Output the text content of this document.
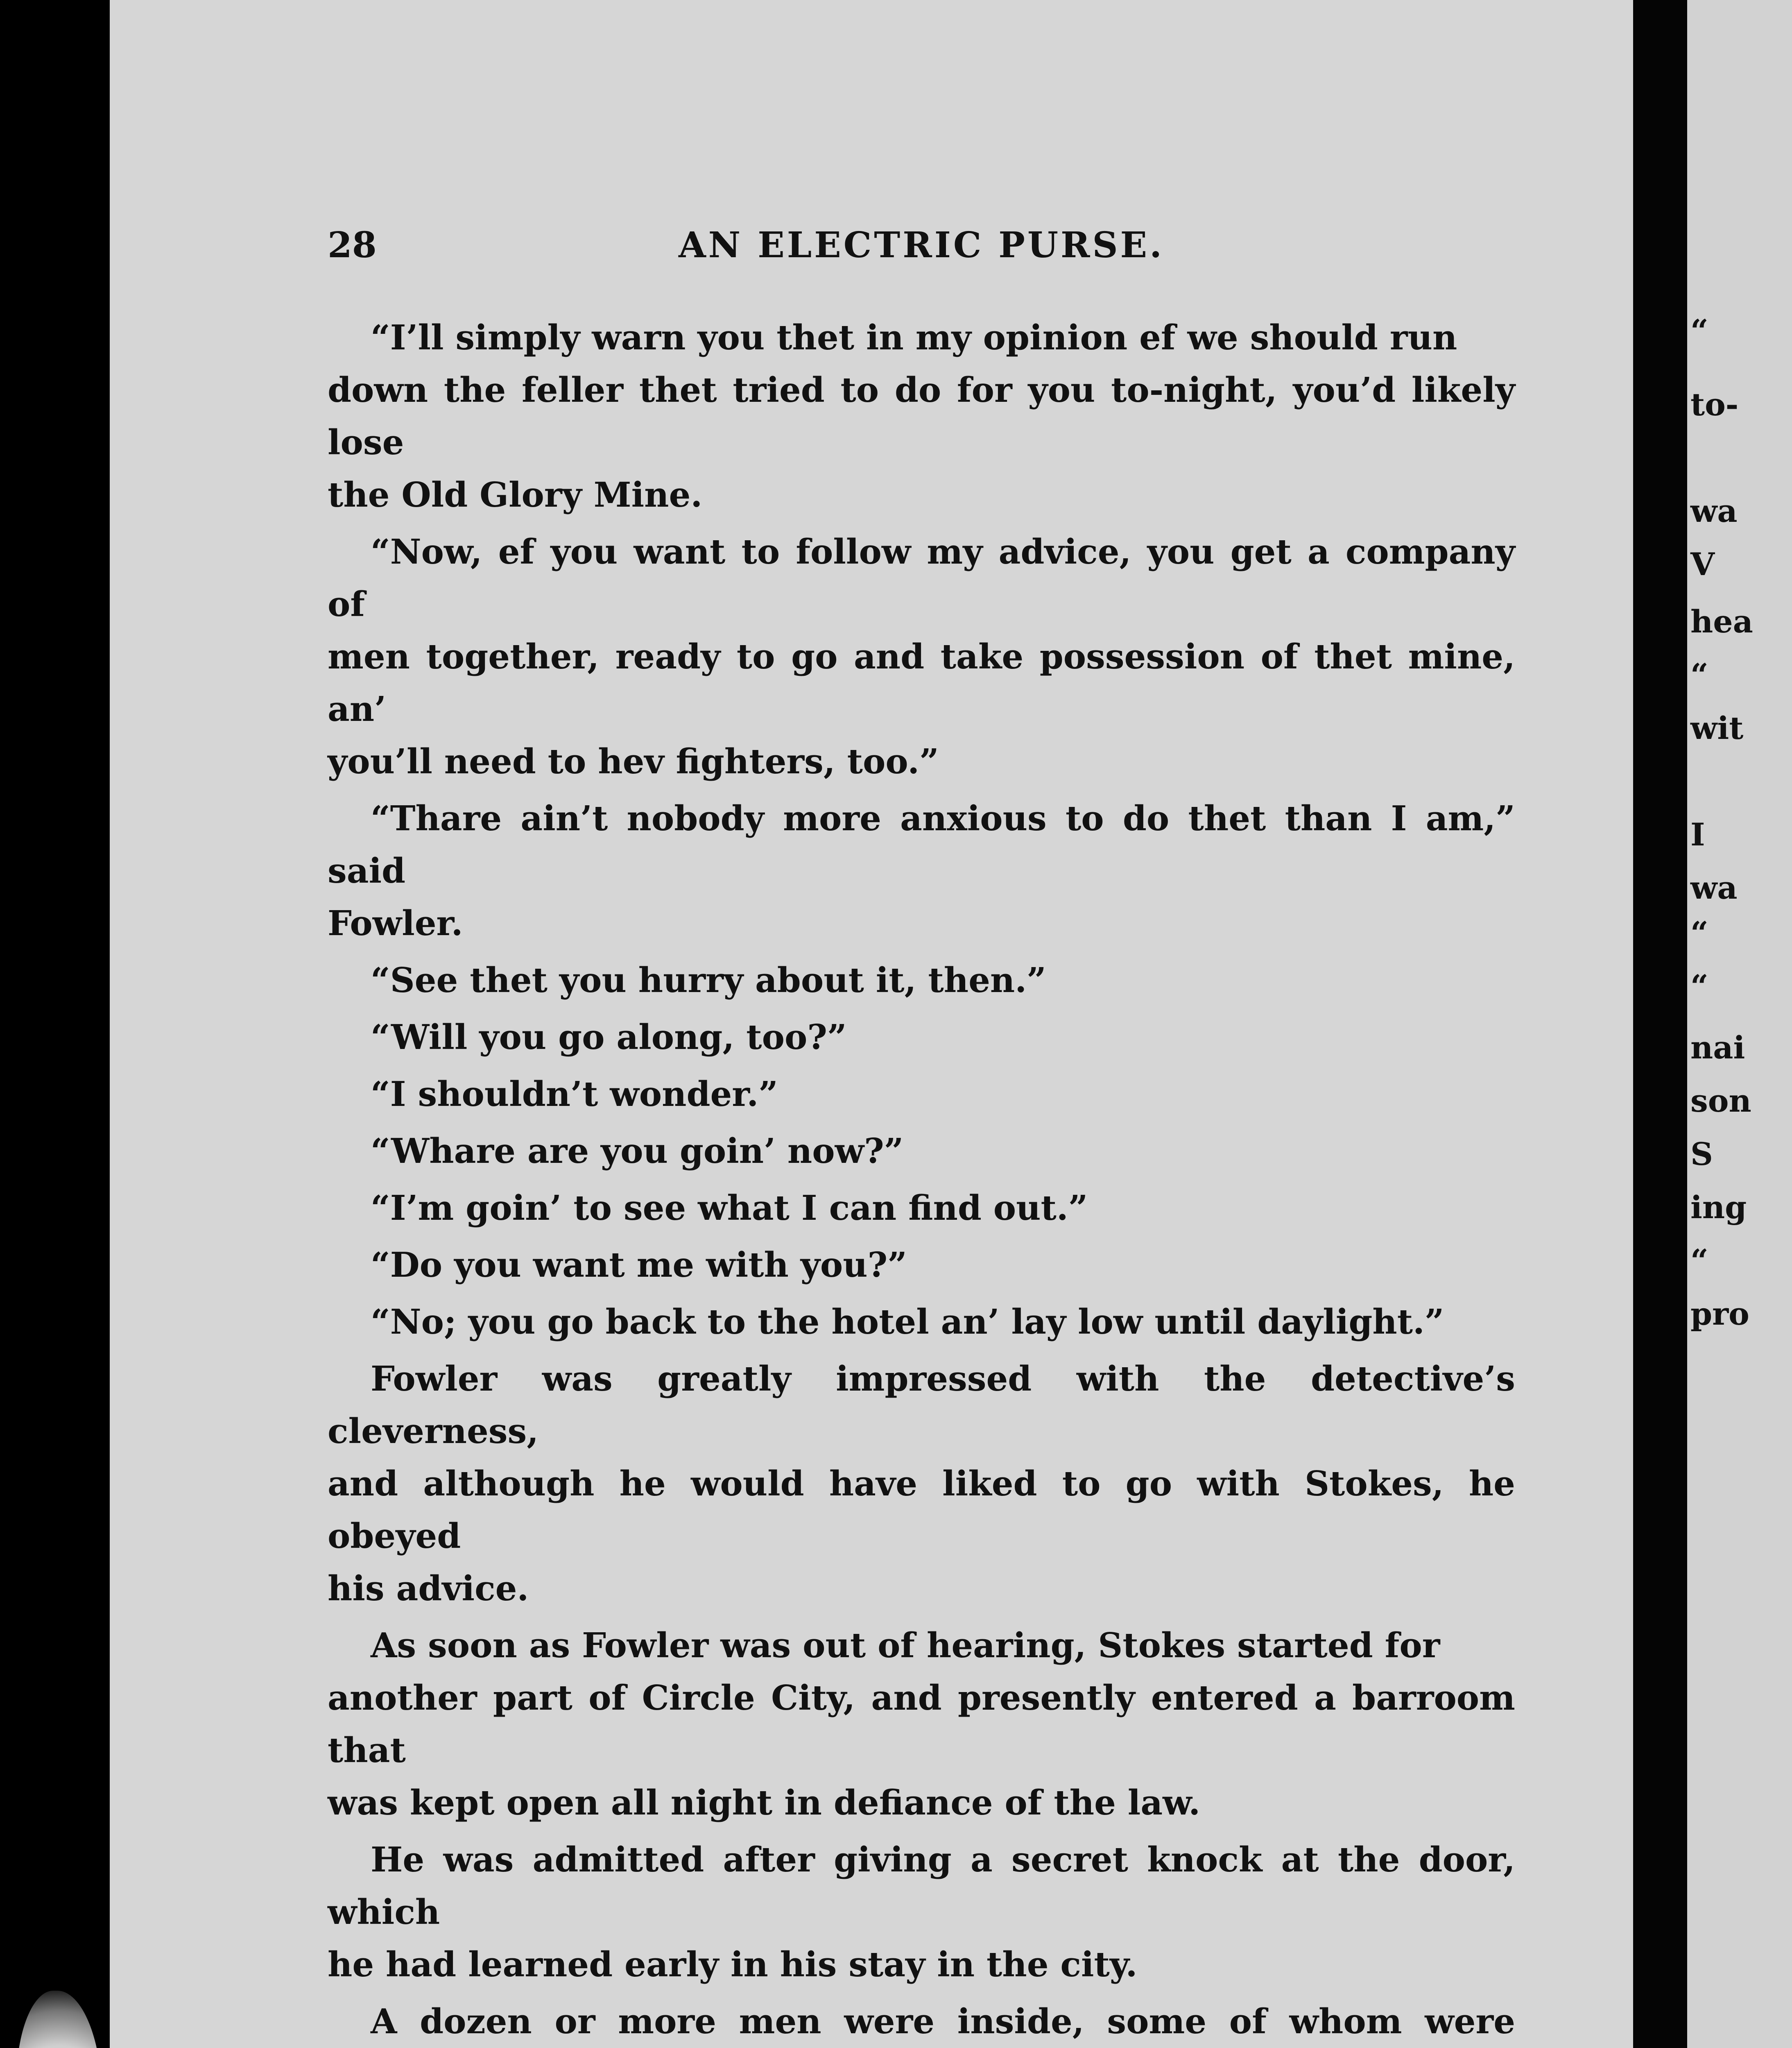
“
to-
wa
V
hea
“
wit
I
wa
“
“
nai
son
S
ing
“
pro
28	AN ELECTRIC PURSE.

“I’ll simply warn you thet in my opinion ef we should run
down the feller thet tried to do for you to-night, you’d likely lose
the Old Glory Mine.

“Now, ef you want to follow my advice, you get a company of
men together, ready to go and take possession of thet mine, an’
you’ll need to hev fighters, too.”

“Thare ain’t nobody more anxious to do thet than I am,” said
Fowler.

“See thet you hurry about it, then.”

“Will you go along, too?”

“I shouldn’t wonder.”

“Whare are you goin’ now?”

“I’m goin’ to see what I can find out.”

“Do you want me with you?”

“No; you go back to the hotel an’ lay low until daylight.”

Fowler was greatly impressed with the detective’s cleverness,
and although he would have liked to go with Stokes, he obeyed
his advice.

As soon as Fowler was out of hearing, Stokes started for
another part of Circle City, and presently entered a barroom that
was kept open all night in defiance of the law.

He was admitted after giving a secret knock at the door, which
he had learned early in his stay in the city.

A dozen or more men were inside, some of whom were
